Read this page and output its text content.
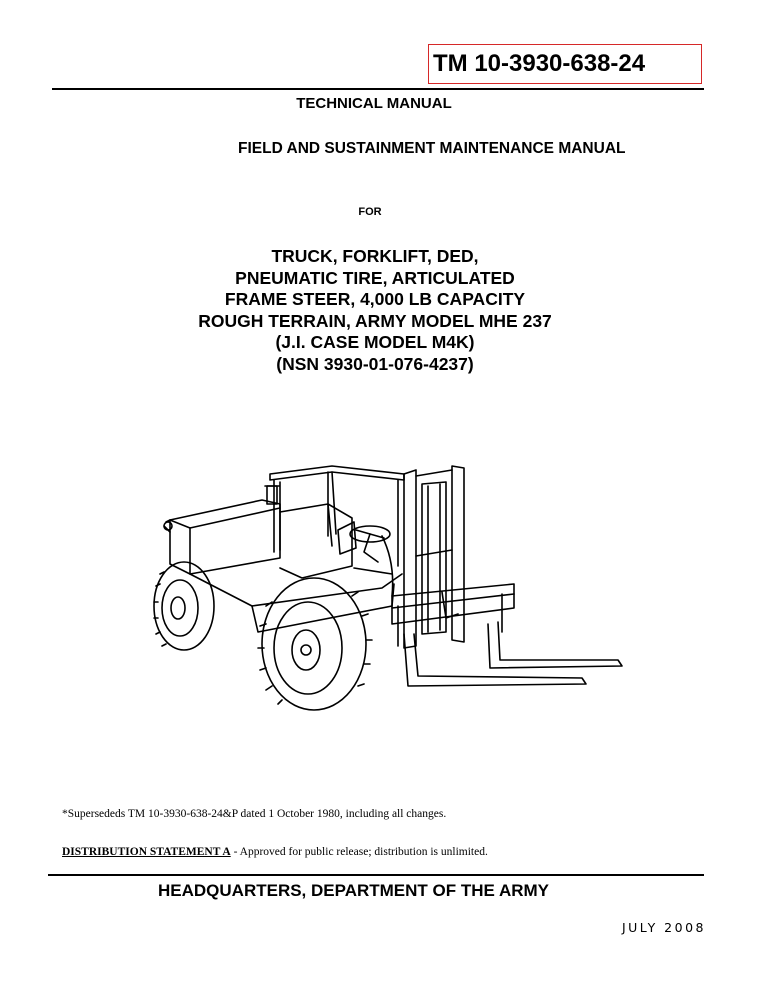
TM 10-3930-638-24
TECHNICAL MANUAL
FIELD AND SUSTAINMENT MAINTENANCE MANUAL
FOR
TRUCK, FORKLIFT, DED,
PNEUMATIC TIRE, ARTICULATED
FRAME STEER, 4,000 LB CAPACITY
ROUGH TERRAIN, ARMY MODEL MHE 237
(J.I. CASE MODEL M4K)
(NSN 3930-01-076-4237)
*Supersededs TM 10-3930-638-24&P dated 1 October 1980, including all changes.
DISTRIBUTION STATEMENT A - Approved for public release; distribution is unlimited.
HEADQUARTERS, DEPARTMENT OF THE ARMY
JULY 2008
